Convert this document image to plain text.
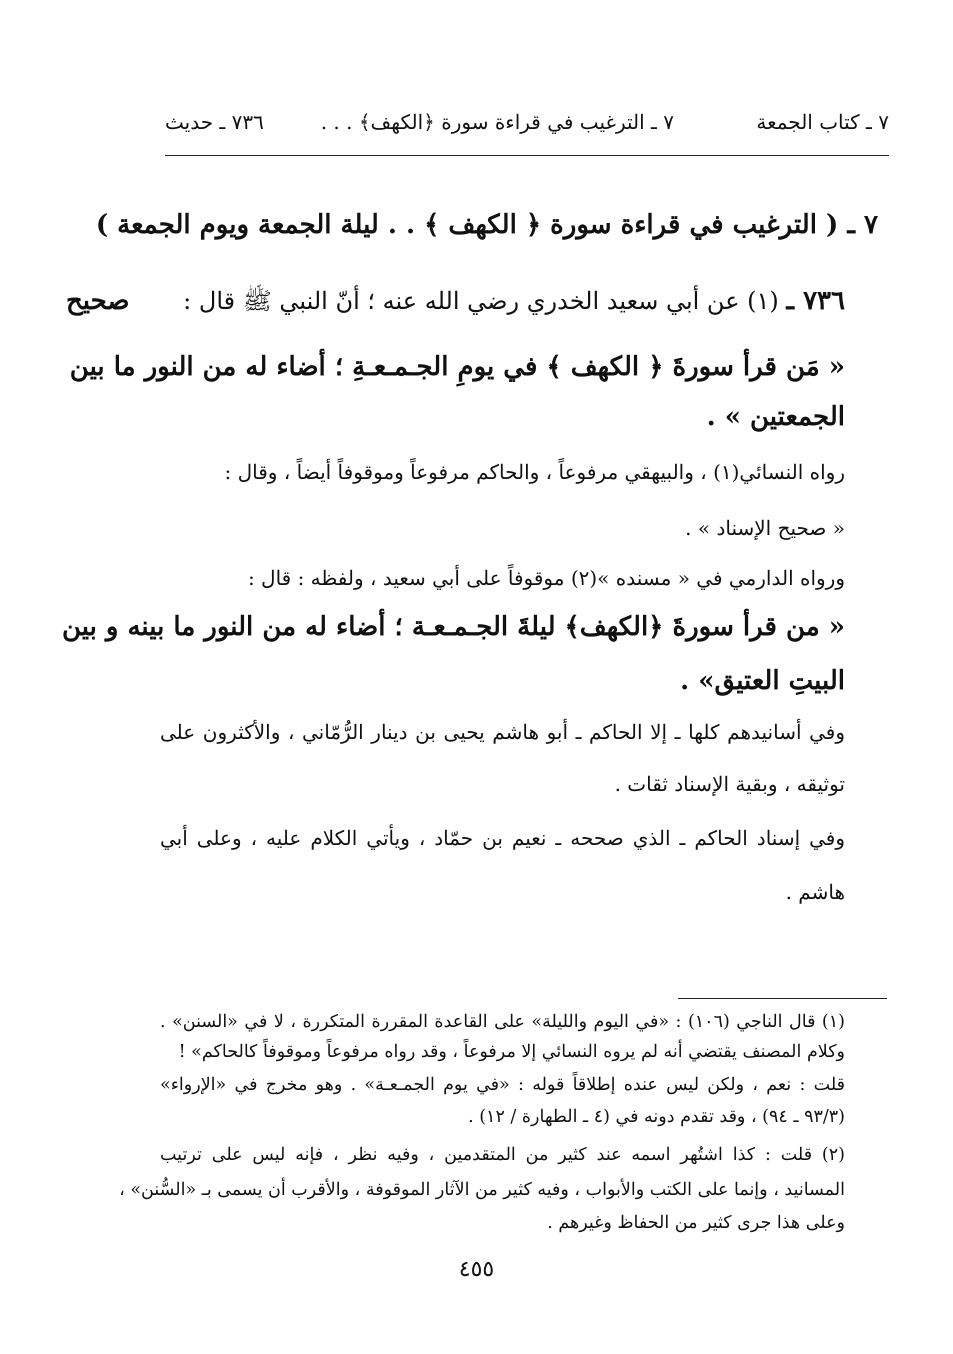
٧ ـ كتاب الجمعة
٧ ـ الترغيب في قراءة سورة ﴿الكهف﴾ . . .
٧٣٦ ـ حديث
٧ ـ ( الترغيب في قراءة سورة ﴿ الكهف ﴾ . . ليلة الجمعة ويوم الجمعة )
صحيح	٧٣٦ ـ (١) عن أبي سعيد الخدري رضي الله عنه ؛ أنّ النبي ﷺ قال :
« مَن قرأ سورةَ ﴿ الكهف ﴾ في يومِ الجـمـعـةِ ؛ أضاء له من النور ما بين
الجمعتين » .
رواه النسائي(١) ، والبيهقي مرفوعاً ، والحاكم مرفوعاً وموقوفاً أيضاً ، وقال :
« صحيح الإسناد » .
ورواه الدارمي في « مسنده »(٢) موقوفاً على أبي سعيد ، ولفظه : قال :
« من قرأ سورةَ ﴿الكهف﴾ ليلةَ الجـمـعـة ؛ أضاء له من النور ما بينه و بين
البيتِ العتيق» .
وفي أسانيدهم كلها ـ إلا الحاكم ـ أبو هاشم يحيى بن دينار الرُّمّاني ، والأكثرون على
توثيقه ، وبقية الإسناد ثقات .
وفي إسناد الحاكم ـ الذي صححه ـ نعيم بن حمّاد ، ويأتي الكلام عليه ، وعلى أبي
هاشم .
(١) قال الناجي (١٠٦) : «في اليوم والليلة» على القاعدة المقررة المتكررة ، لا في «السنن» .
وكلام المصنف يقتضي أنه لم يروه النسائي إلا مرفوعاً ، وقد رواه مرفوعاً وموقوفاً كالحاكم» !
قلت : نعم ، ولكن ليس عنده إطلاقاً قوله : «في يوم الجمـعـة» . وهو مخرج في «الإرواء»
(٩٣/٣ ـ ٩٤) ، وقد تقدم دونه في (٤ ـ الطهارة / ١٢) .
(٢) قلت : كذا اشتُهر اسمه عند كثير من المتقدمين ، وفيه نظر ، فإنه ليس على ترتيب
المسانيد ، وإنما على الكتب والأبواب ، وفيه كثير من الآثار الموقوفة ، والأقرب أن يسمى بـ «السُّنن» ،
وعلى هذا جرى كثير من الحفاظ وغيرهم .
٤٥٥
